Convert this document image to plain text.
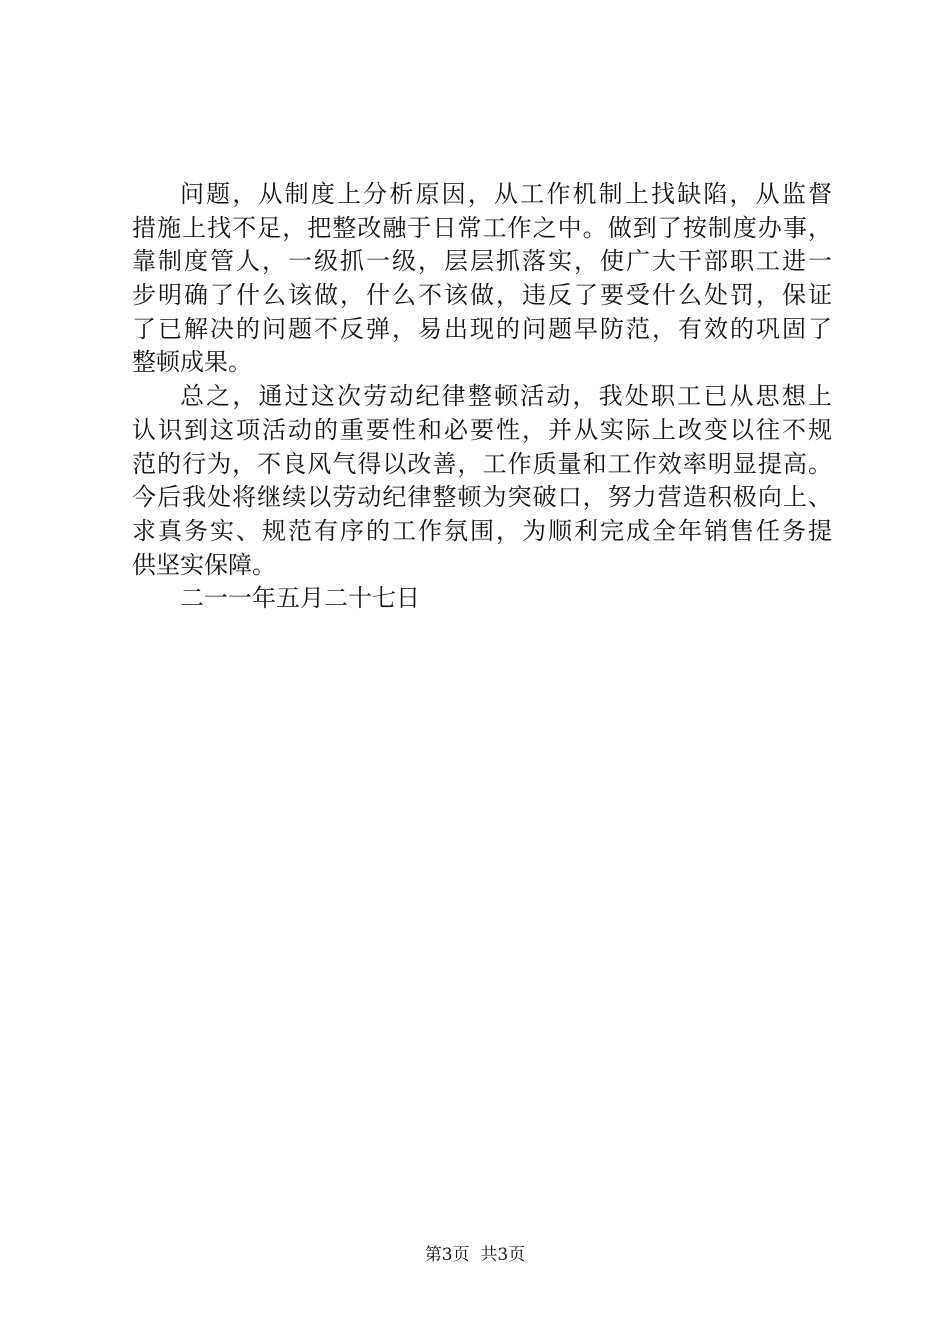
问题，从制度上分析原因，从工作机制上找缺陷，从监督
措施上找不足，把整改融于日常工作之中。做到了按制度办事，
靠制度管人，一级抓一级，层层抓落实，使广大干部职工进一
步明确了什么该做，什么不该做，违反了要受什么处罚，保证
了已解决的问题不反弹，易出现的问题早防范，有效的巩固了
整顿成果。
总之，通过这次劳动纪律整顿活动，我处职工已从思想上
认识到这项活动的重要性和必要性，并从实际上改变以往不规
范的行为，不良风气得以改善，工作质量和工作效率明显提高。
今后我处将继续以劳动纪律整顿为突破口，努力营造积极向上、
求真务实、规范有序的工作氛围，为顺利完成全年销售任务提
供坚实保障。
二一一年五月二十七日
第3页 共3页
